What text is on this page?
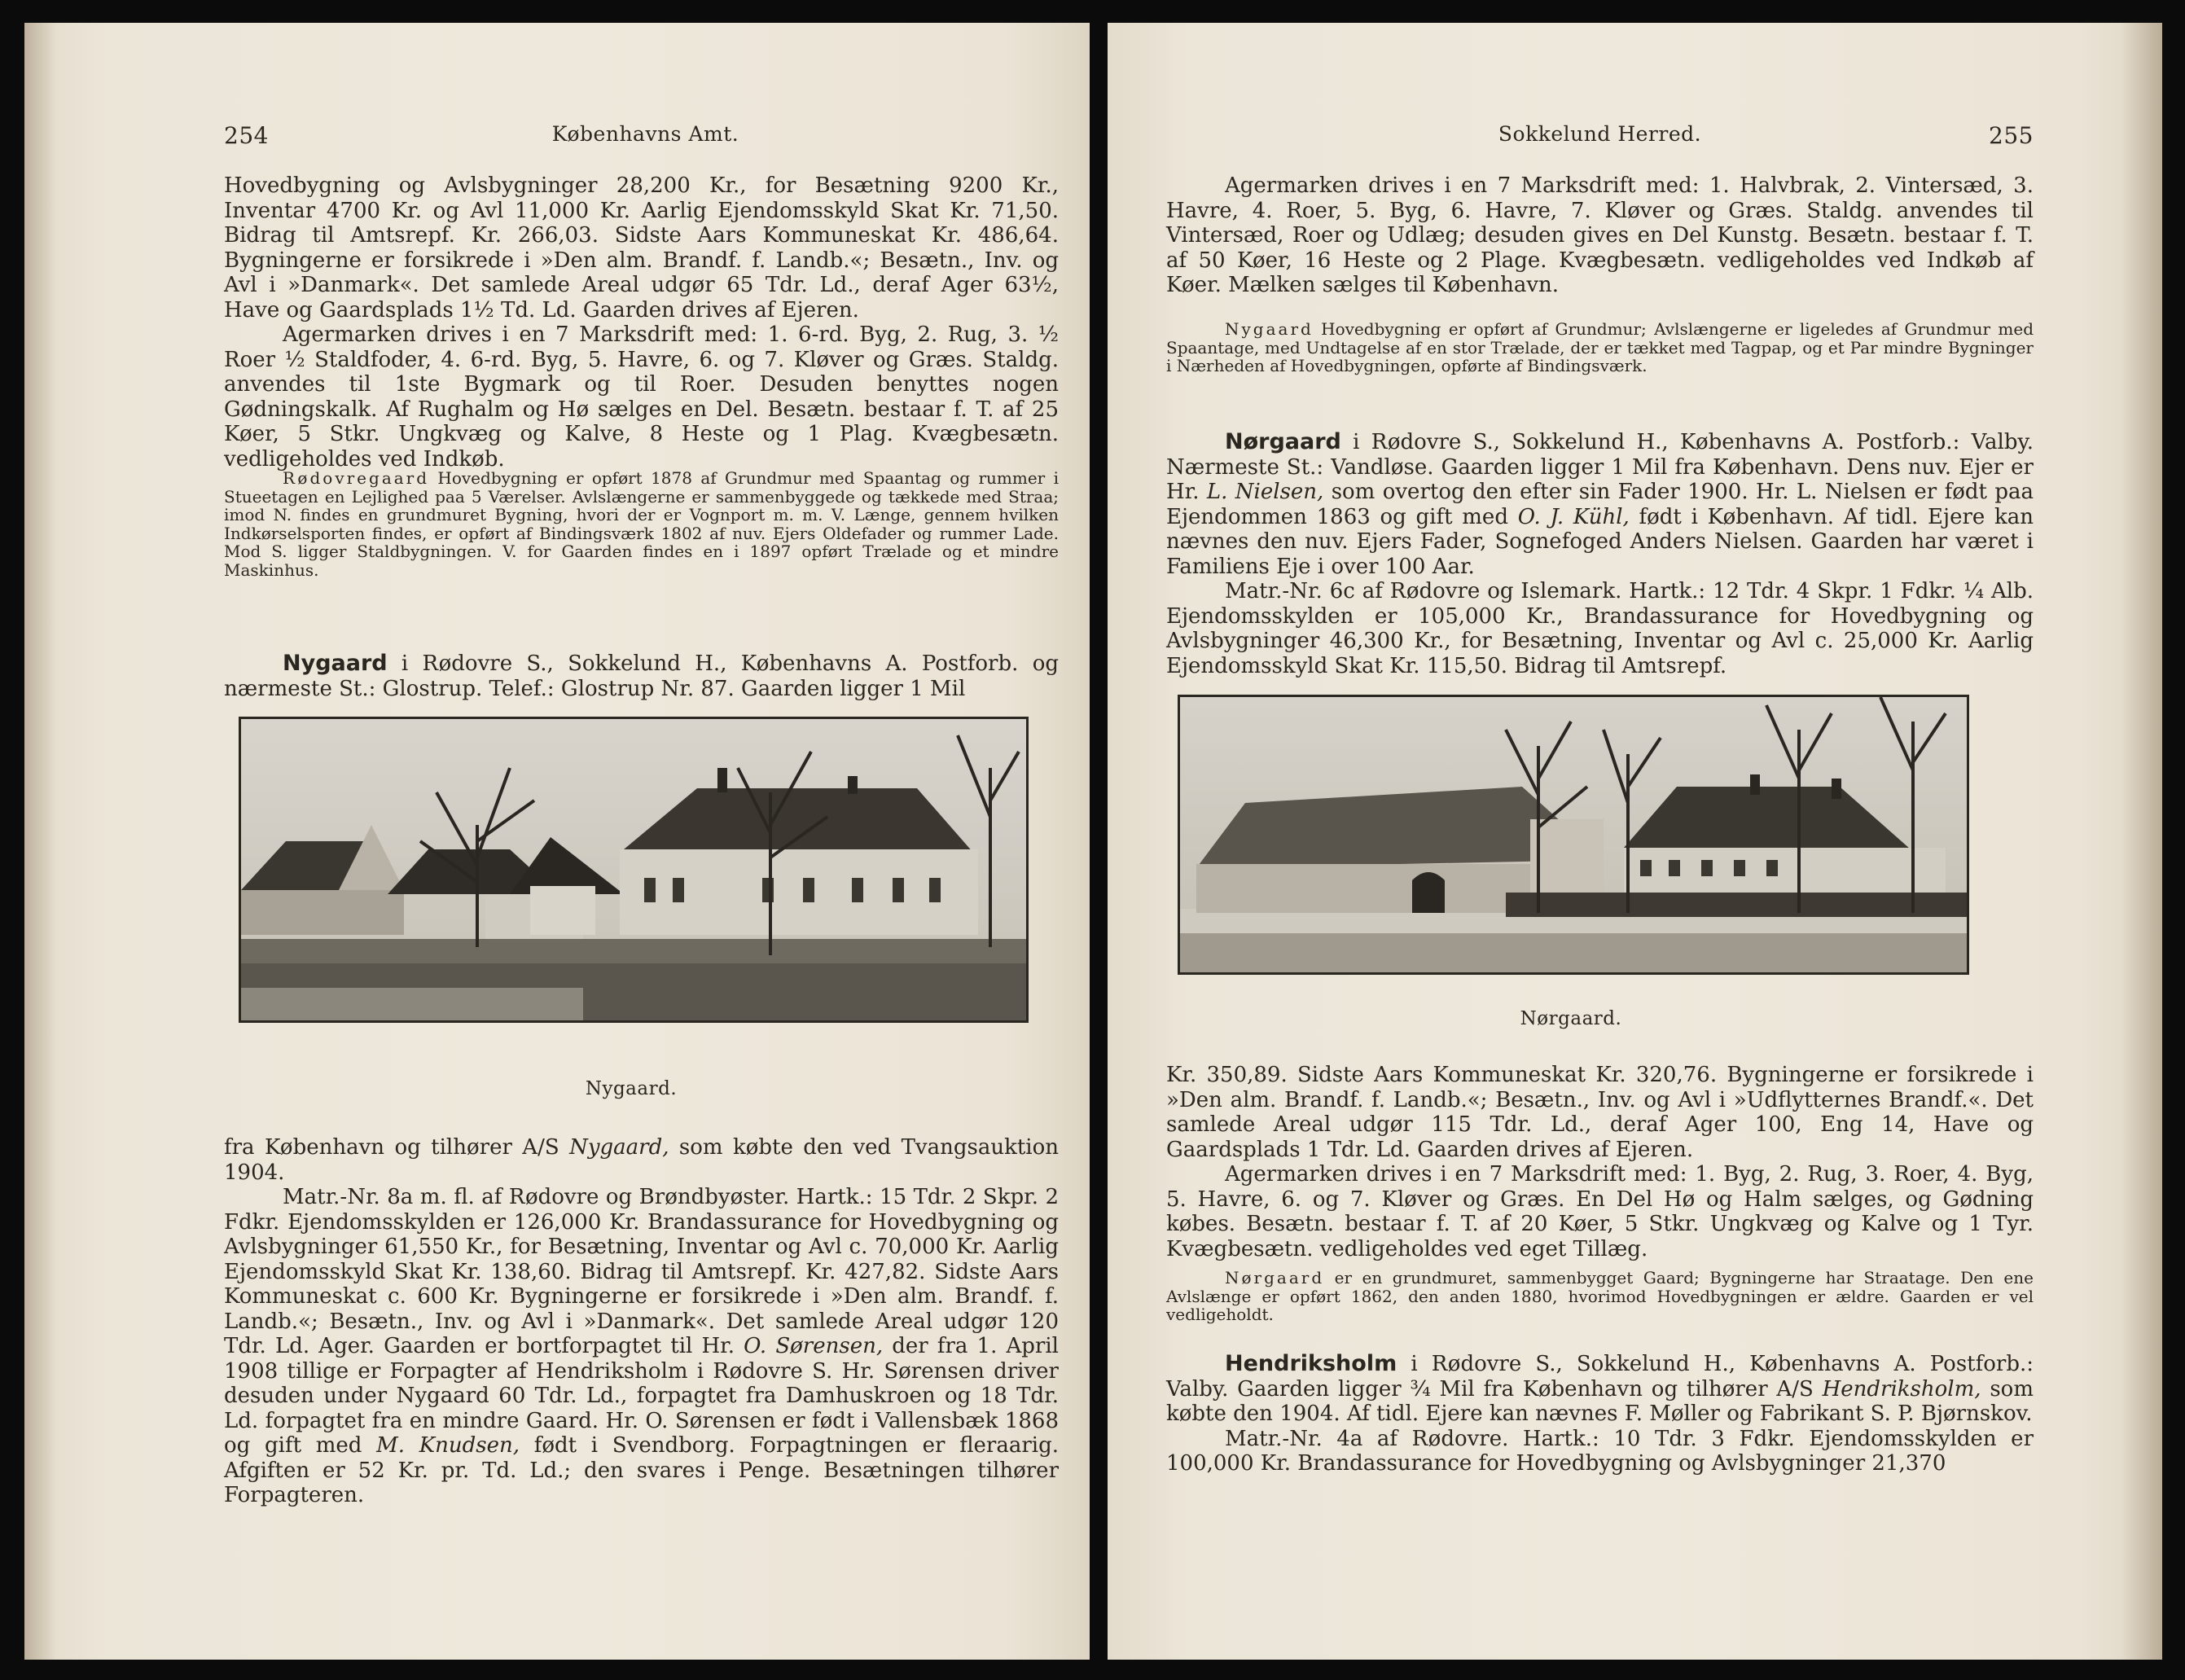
254	Københavns Amt.

Hovedbygning og Avlsbygninger 28,200 Kr., for Besætning 9200 Kr., Inventar 4700 Kr. og Avl 11,000 Kr. Aarlig Ejendomsskyld Skat Kr. 71,50. Bidrag til Amtsrepf. Kr. 266,03. Sidste Aars Kommuneskat Kr. 486,64. Bygningerne er forsikrede i »Den alm. Brandf. f. Landb.«; Besætn., Inv. og Avl i »Danmark«. Det samlede Areal udgør 65 Tdr. Ld., deraf Ager 63½, Have og Gaardsplads 1½ Td. Ld. Gaarden drives af Ejeren.

Agermarken drives i en 7 Marksdrift med: 1. 6-rd. Byg, 2. Rug, 3. ½ Roer ½ Staldfoder, 4. 6-rd. Byg, 5. Havre, 6. og 7. Kløver og Græs. Staldg. anvendes til 1ste Bygmark og til Roer. Desuden benyttes nogen Gødningskalk. Af Rughalm og Hø sælges en Del. Besætn. bestaar f. T. af 25 Køer, 5 Stkr. Ungkvæg og Kalve, 8 Heste og 1 Plag. Kvægbesætn. vedligeholdes ved Indkøb.

Rødovregaard Hovedbygning er opført 1878 af Grundmur med Spaantag og rummer i Stueetagen en Lejlighed paa 5 Værelser. Avlslængerne er sammenbyggede og tækkede med Straa; imod N. findes en grundmuret Bygning, hvori der er Vognport m. m. V. Længe, gennem hvilken Indkørselsporten findes, er opført af Bindingsværk 1802 af nuv. Ejers Oldefader og rummer Lade. Mod S. ligger Staldbygningen. V. for Gaarden findes en i 1897 opført Trælade og et mindre Maskinhus.

Nygaard i Rødovre S., Sokkelund H., Københavns A. Postforb. og nærmeste St.: Glostrup. Telef.: Glostrup Nr. 87. Gaarden ligger 1 Mil

Nygaard.

fra København og tilhører A/S Nygaard, som købte den ved Tvangsauktion 1904.

Matr.-Nr. 8a m. fl. af Rødovre og Brøndbyøster. Hartk.: 15 Tdr. 2 Skpr. 2 Fdkr. Ejendomsskylden er 126,000 Kr. Brandassurance for Hovedbygning og Avlsbygninger 61,550 Kr., for Besætning, Inventar og Avl c. 70,000 Kr. Aarlig Ejendomsskyld Skat Kr. 138,60. Bidrag til Amtsrepf. Kr. 427,82. Sidste Aars Kommuneskat c. 600 Kr. Bygningerne er forsikrede i »Den alm. Brandf. f. Landb.«; Besætn., Inv. og Avl i »Danmark«. Det samlede Areal udgør 120 Tdr. Ld. Ager. Gaarden er bortforpagtet til Hr. O. Sørensen, der fra 1. April 1908 tillige er Forpagter af Hendriksholm i Rødovre S. Hr. Sørensen driver desuden under Nygaard 60 Tdr. Ld., forpagtet fra Damhuskroen og 18 Tdr. Ld. forpagtet fra en mindre Gaard. Hr. O. Sørensen er født i Vallensbæk 1868 og gift med M. Knudsen, født i Svendborg. Forpagtningen er fleraarig. Afgiften er 52 Kr. pr. Td. Ld.; den svares i Penge. Besætningen tilhører Forpagteren.

Sokkelund Herred.	255

Agermarken drives i en 7 Marksdrift med: 1. Halvbrak, 2. Vintersæd, 3. Havre, 4. Roer, 5. Byg, 6. Havre, 7. Kløver og Græs. Staldg. anvendes til Vintersæd, Roer og Udlæg; desuden gives en Del Kunstg. Besætn. bestaar f. T. af 50 Køer, 16 Heste og 2 Plage. Kvægbesætn. vedligeholdes ved Indkøb af Køer. Mælken sælges til København.

Nygaard Hovedbygning er opført af Grundmur; Avlslængerne er ligeledes af Grundmur med Spaantage, med Undtagelse af en stor Trælade, der er tækket med Tagpap, og et Par mindre Bygninger i Nærheden af Hovedbygningen, opførte af Bindingsværk.

Nørgaard i Rødovre S., Sokkelund H., Københavns A. Postforb.: Valby. Nærmeste St.: Vandløse. Gaarden ligger 1 Mil fra København. Dens nuv. Ejer er Hr. L. Nielsen, som overtog den efter sin Fader 1900. Hr. L. Nielsen er født paa Ejendommen 1863 og gift med O. J. Kühl, født i København. Af tidl. Ejere kan nævnes den nuv. Ejers Fader, Sognefoged Anders Nielsen. Gaarden har været i Familiens Eje i over 100 Aar.

Matr.-Nr. 6c af Rødovre og Islemark. Hartk.: 12 Tdr. 4 Skpr. 1 Fdkr. ¼ Alb. Ejendomsskylden er 105,000 Kr., Brandassurance for Hovedbygning og Avlsbygninger 46,300 Kr., for Besætning, Inventar og Avl c. 25,000 Kr. Aarlig Ejendomsskyld Skat Kr. 115,50. Bidrag til Amtsrepf.

Nørgaard.

Kr. 350,89. Sidste Aars Kommuneskat Kr. 320,76. Bygningerne er forsikrede i »Den alm. Brandf. f. Landb.«; Besætn., Inv. og Avl i »Udflytternes Brandf.«. Det samlede Areal udgør 115 Tdr. Ld., deraf Ager 100, Eng 14, Have og Gaardsplads 1 Tdr. Ld. Gaarden drives af Ejeren.

Agermarken drives i en 7 Marksdrift med: 1. Byg, 2. Rug, 3. Roer, 4. Byg, 5. Havre, 6. og 7. Kløver og Græs. En Del Hø og Halm sælges, og Gødning købes. Besætn. bestaar f. T. af 20 Køer, 5 Stkr. Ungkvæg og Kalve og 1 Tyr. Kvægbesætn. vedligeholdes ved eget Tillæg.

Nørgaard er en grundmuret, sammenbygget Gaard; Bygningerne har Straatage. Den ene Avlslænge er opført 1862, den anden 1880, hvorimod Hovedbygningen er ældre. Gaarden er vel vedligeholdt.

Hendriksholm i Rødovre S., Sokkelund H., Københavns A. Postforb.: Valby. Gaarden ligger ¾ Mil fra København og tilhører A/S Hendriksholm, som købte den 1904. Af tidl. Ejere kan nævnes F. Møller og Fabrikant S. P. Bjørnskov.

Matr.-Nr. 4a af Rødovre. Hartk.: 10 Tdr. 3 Fdkr. Ejendomsskylden er 100,000 Kr. Brandassurance for Hovedbygning og Avlsbygninger 21,370
